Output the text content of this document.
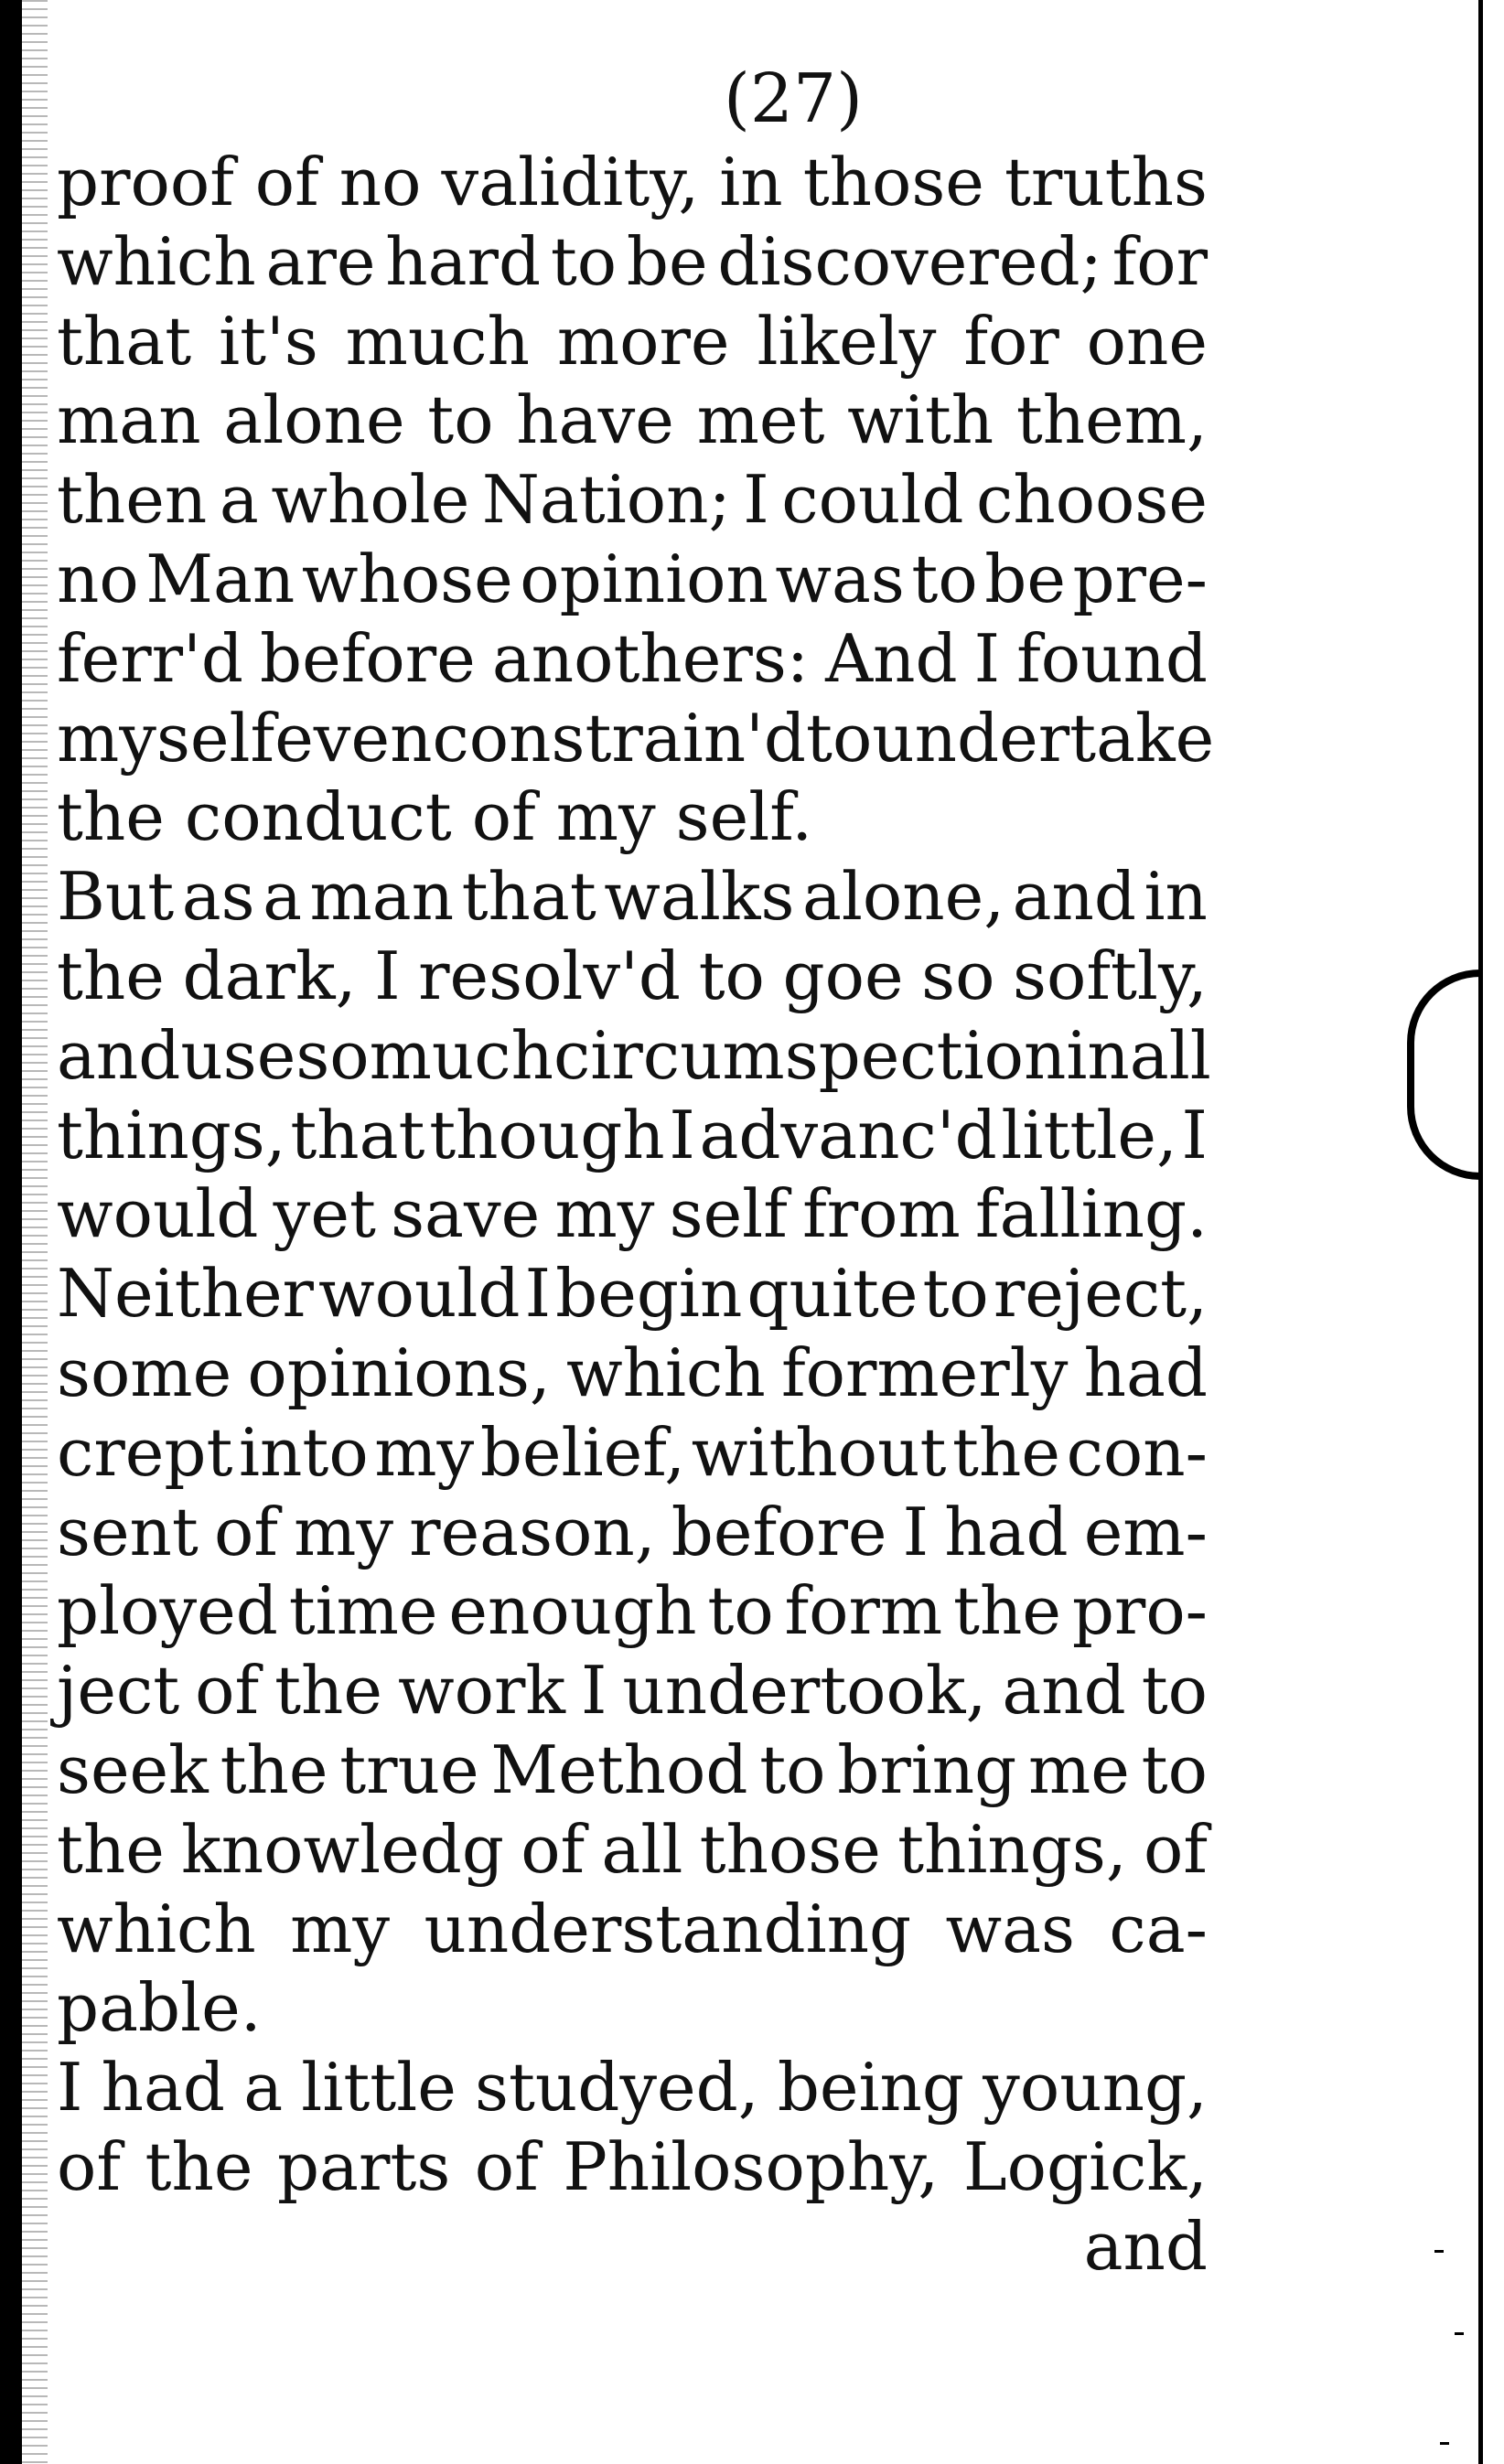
(27)
proof of no validity, in those truths
which are hard to be discovered; for
that it's much more likely for one
man alone to have met with them,
then a whole Nation; I could choose
no Man whose opinion was to be pre-
ferr'd before anothers: And I found
my self even constrain'd to undertake
the conduct of my self.
But as a man that walks alone, and in
the dark, I resolv'd to goe so softly,
and use so much circumspection in all
things, that though I advanc'd little, I
would yet save my self from falling.
Neither would I begin quite to reject,
some opinions, which formerly had
crept into my belief, without the con-
sent of my reason, before I had em-
ployed time enough to form the pro-
ject of the work I undertook, and to
seek the true Method to bring me to
the knowledg of all those things, of
which my understanding was ca-
pable.
I had a little studyed, being young,
of the parts of Philosophy, Logick,
and
